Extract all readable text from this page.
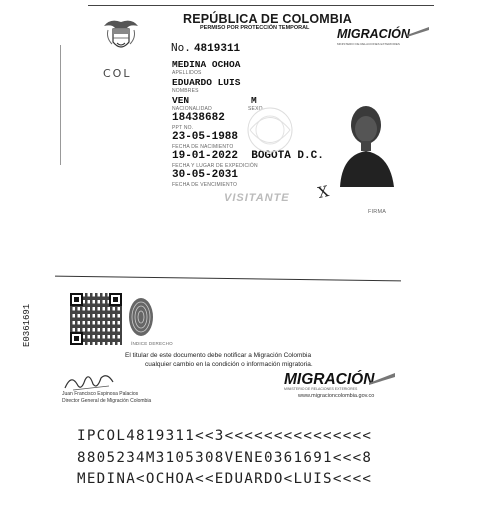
COL
REPÚBLICA DE COLOMBIA
PERMISO POR PROTECCIÓN TEMPORAL
No. 4819311
MIGRACIÓN
MINISTERIO DE RELACIONES EXTERIORES
MEDINA OCHOA
APELLIDOS
EDUARDO LUIS
NOMBRES
VEN	M
NACIONALIDAD	SEXO
18438682
PPT NO.
23-05-1988
FECHA DE NACIMIENTO
19-01-2022  BOGOTA D.C.
FECHA Y LUGAR DE EXPEDICIÓN
30-05-2031
FECHA DE VENCIMIENTO
VISITANTE X
FIRMA
E0361691	ÍNDICE DERECHO
El titular de este documento debe notificar a Migración Colombia
cualquier cambio en la condición o información migratoria.
Juan Francisco Espinosa Palacios
Director General de Migración Colombia
MIGRACIÓN
MINISTERIO DE RELACIONES EXTERIORES
www.migracioncolombia.gov.co
IPCOL4819311<<3<<<<<<<<<<<<<<<
8805234M3105308VENE0361691<<<8
MEDINA<OCHOA<<EDUARDO<LUIS<<<<
